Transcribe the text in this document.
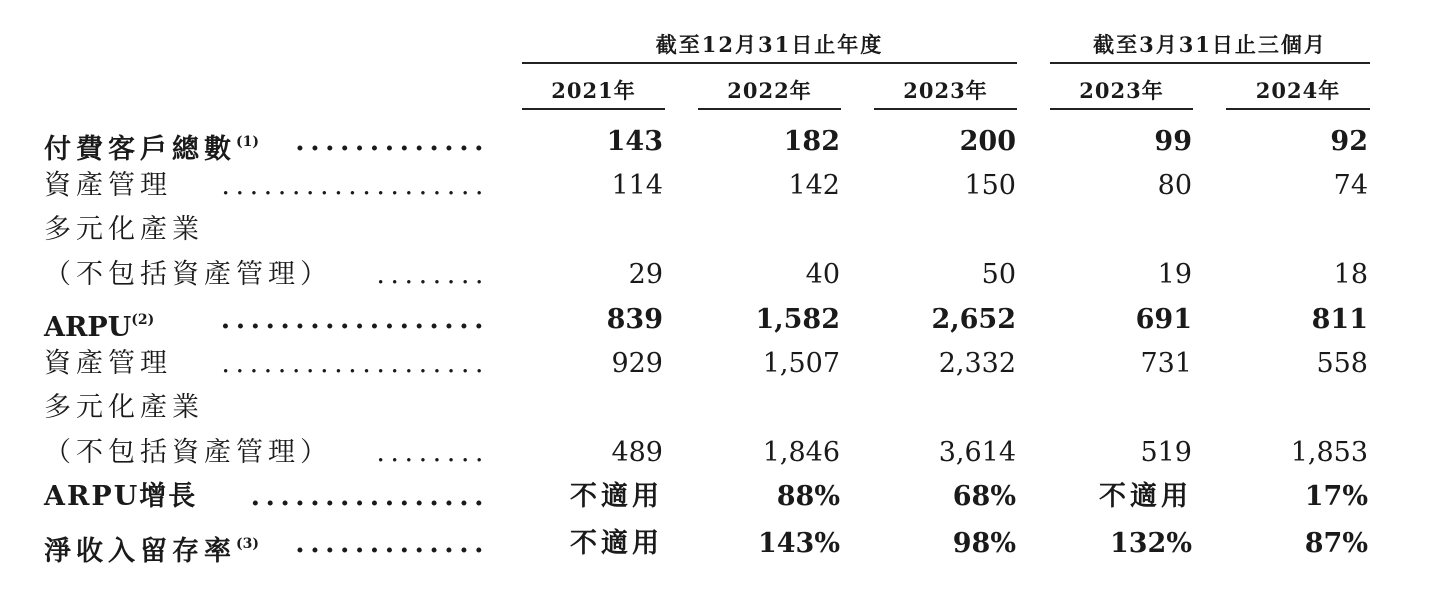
截至12月31日止年度	截至3月31日止三個月
2021年	2022年	2023年	2023年	2024年
付費客戶總數$^{(1)}$ .............	143	182	200	99	92
資產管理 ...................	114	142	150	80	74
多元化產業
（不包括資產管理） ........	29	40	50	19	18
ARPU$^{(2)}$ ..................	839	1,582	2,652	691	811
資產管理 ...................	929	1,507	2,332	731	558
多元化產業
（不包括資產管理） ........	489	1,846	3,614	519	1,853
ARPU增長 ................	不適用	88%	68%	不適用	17%
淨收入留存率$^{(3)}$ .............	不適用	143%	98%	132%	87%
